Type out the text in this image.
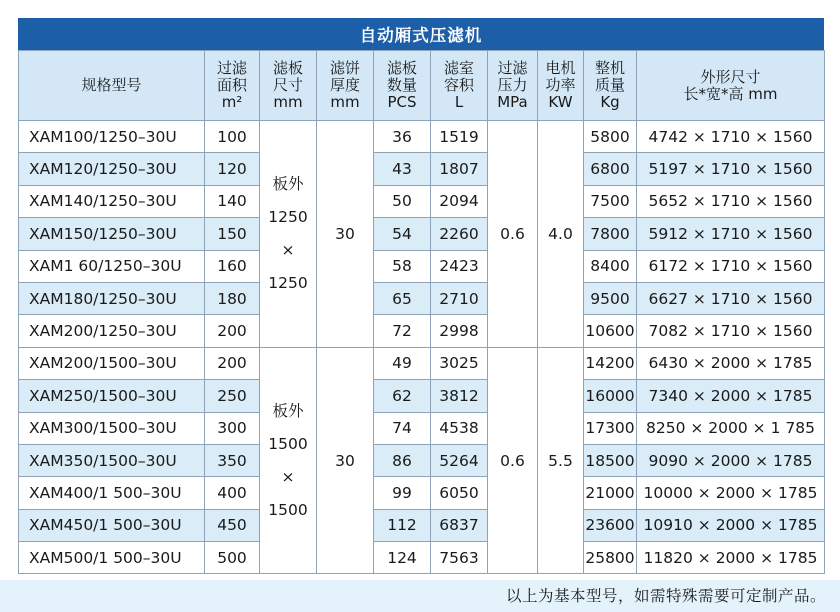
自动厢式压滤机
规格型号	过滤
面积
m²	滤板
尺寸
mm	滤饼
厚度
mm	滤板
数量
PCS	滤室
容积
L	过滤
压力
MPa	电机
功率
KW	整机
质量
Kg	外形尺寸
长*宽*高 mm

XAM100/1250–30U	100	板外
1250
×
1250	30	36	1519	0.6	4.0	5800	4742 × 1710 × 1560
XAM120/1250–30U	120			43	1807			6800	5197 × 1710 × 1560
XAM140/1250–30U	140			50	2094			7500	5652 × 1710 × 1560
XAM150/1250–30U	150			54	2260			7800	5912 × 1710 × 1560
XAM1 60/1250–30U	160			58	2423			8400	6172 × 1710 × 1560
XAM180/1250–30U	180			65	2710			9500	6627 × 1710 × 1560
XAM200/1250–30U	200			72	2998			10600	7082 × 1710 × 1560
XAM200/1500–30U	200	板外
1500
×
1500	30	49	3025	0.6	5.5	14200	6430 × 2000 × 1785
XAM250/1500–30U	250			62	3812			16000	7340 × 2000 × 1785
XAM300/1500–30U	300			74	4538			17300	8250 × 2000 × 1 785
XAM350/1500–30U	350			86	5264			18500	9090 × 2000 × 1785
XAM400/1 500–30U	400			99	6050			21000	10000 × 2000 × 1785
XAM450/1 500–30U	450			112	6837			23600	10910 × 2000 × 1785
XAM500/1 500–30U	500			124	7563			25800	11820 × 2000 × 1785
以上为基本型号，如需特殊需要可定制产品。
